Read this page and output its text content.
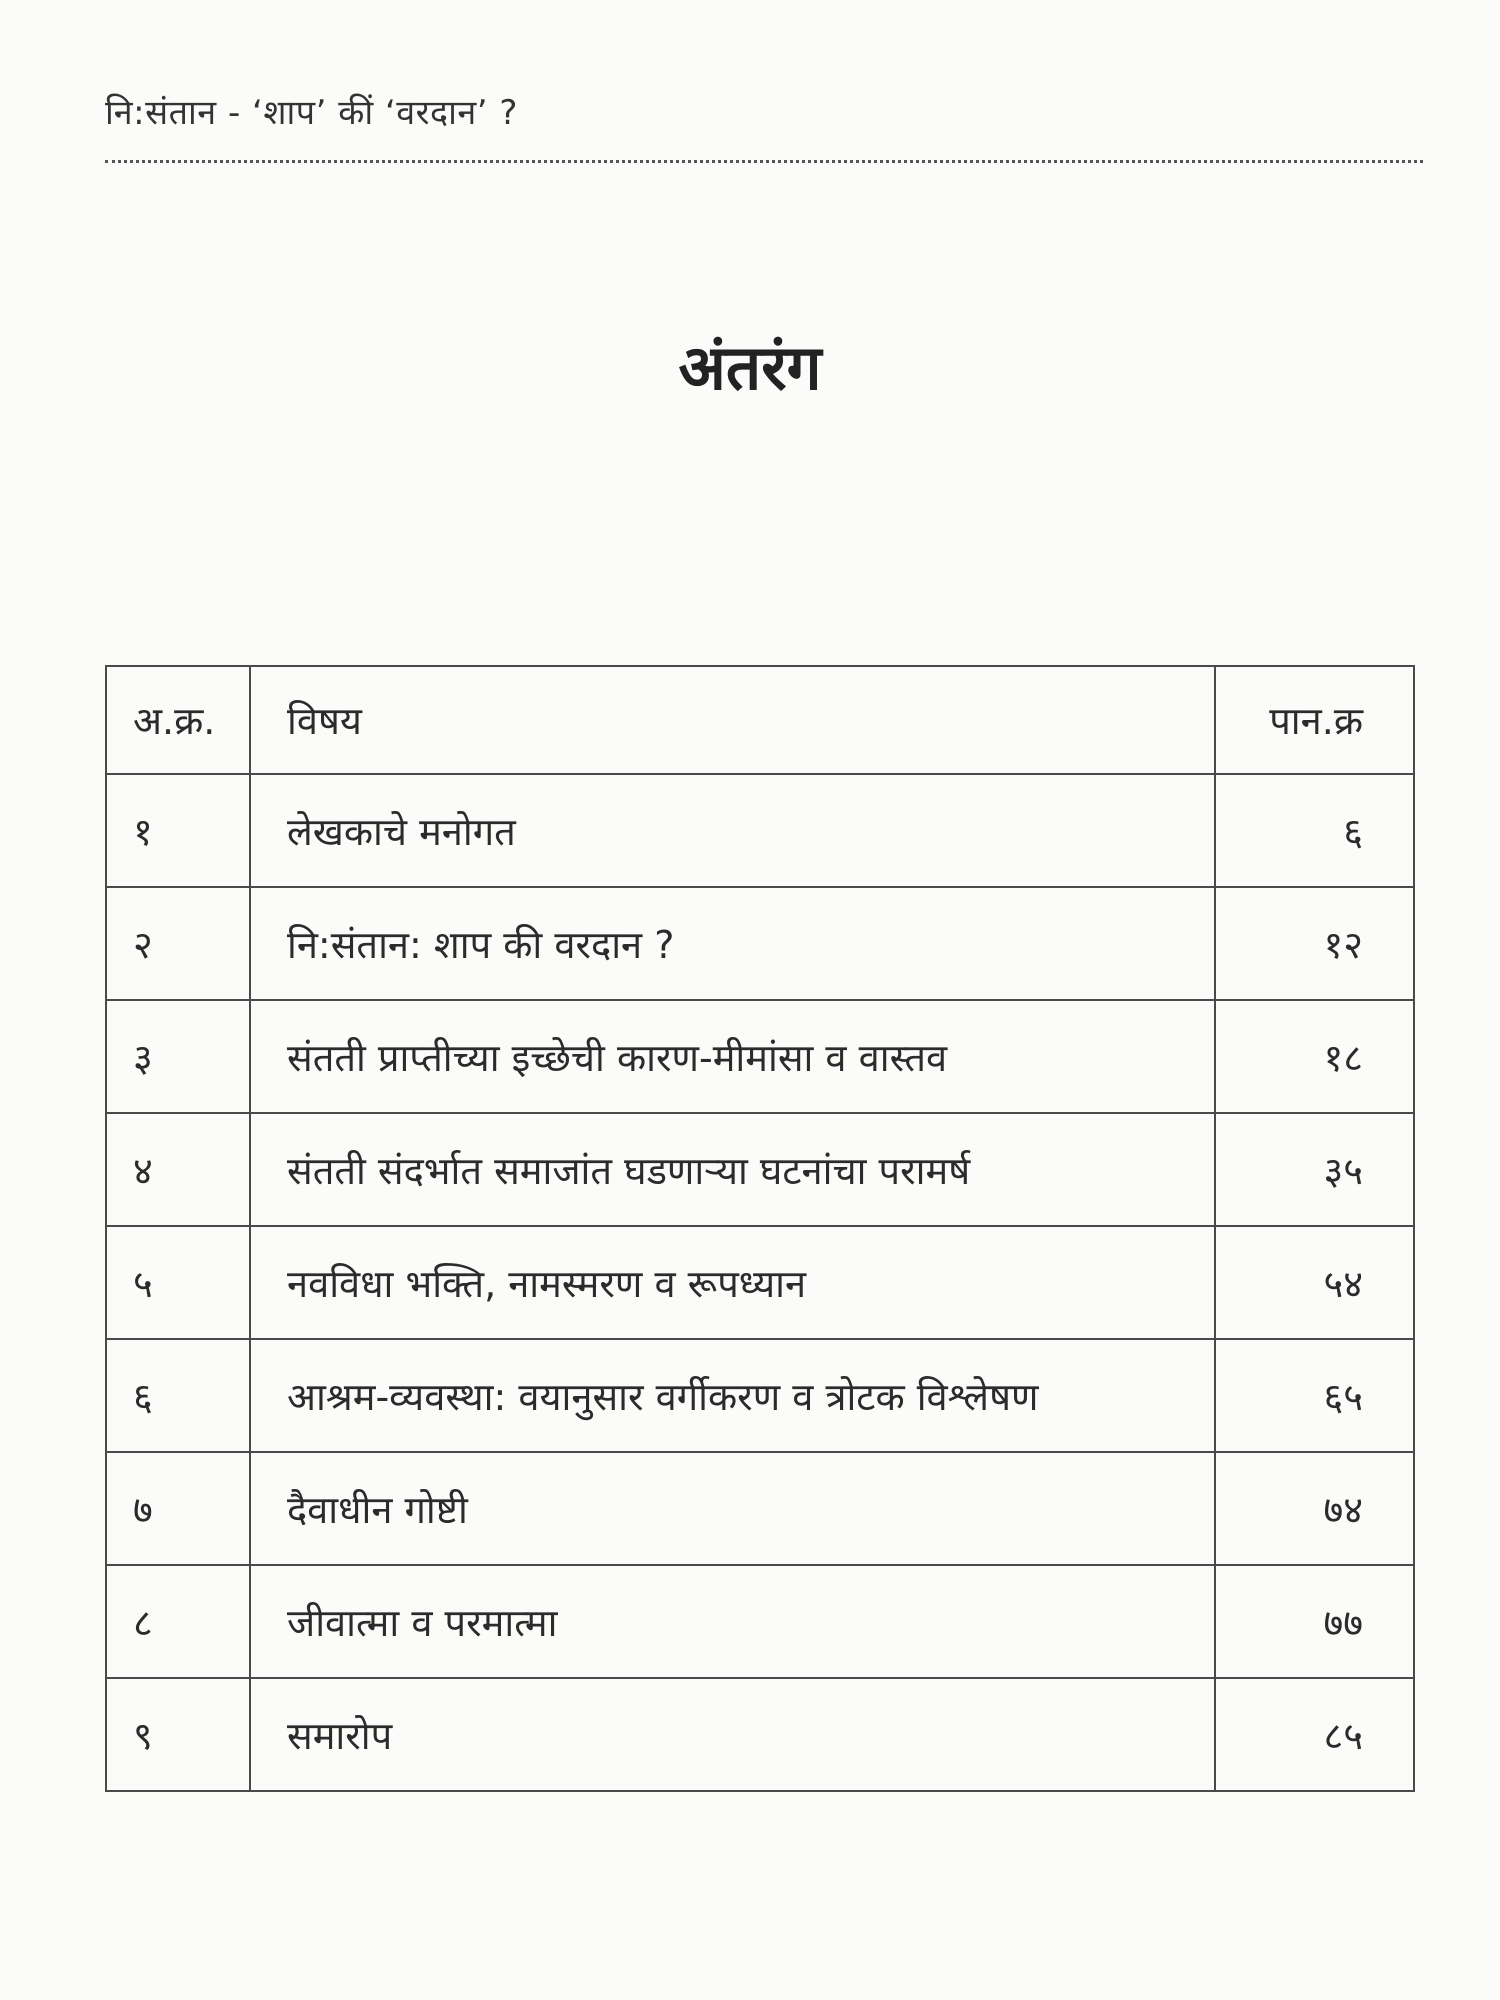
नि:संतान - ‘शाप’ कीं ‘वरदान’ ?
अंतरंग
अ.क्र.	विषय	पान.क्र
१	लेखकाचे मनोगत	६
२	नि:संतान: शाप की वरदान ?	१२
३	संतती प्राप्तीच्या इच्छेची कारण-मीमांसा व वास्तव	१८
४	संतती संदर्भात समाजांत घडणाऱ्या घटनांचा परामर्ष	३५
५	नवविधा भक्ति, नामस्मरण व रूपध्यान	५४
६	आश्रम-व्यवस्था: वयानुसार वर्गीकरण व त्रोटक विश्लेषण	६५
७	दैवाधीन गोष्टी	७४
८	जीवात्मा व परमात्मा	७७
९	समारोप	८५
